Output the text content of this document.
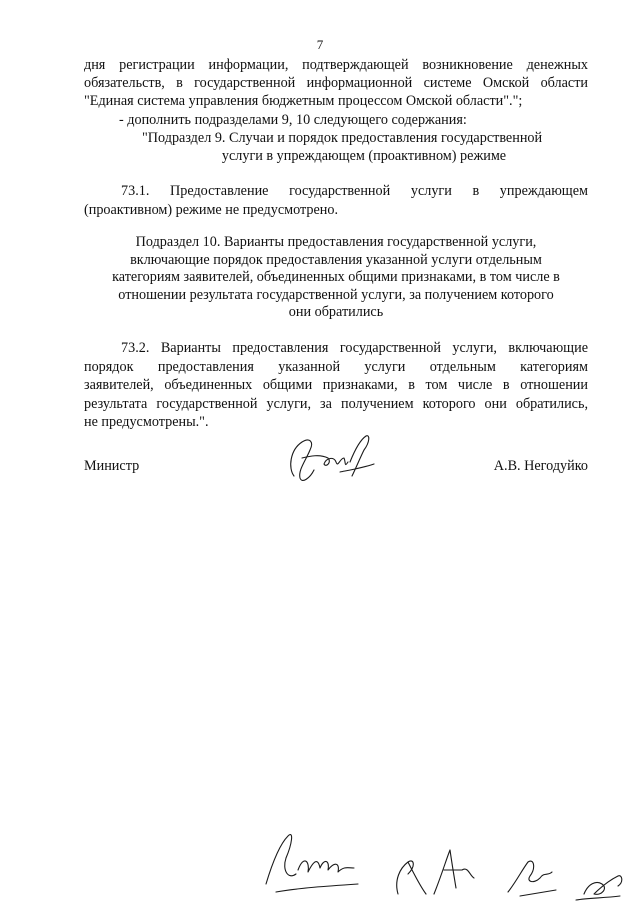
7
дня регистрации информации, подтверждающей возникновение денежных
обязательств, в государственной информационной системе Омской области
"Единая система управления бюджетным процессом Омской области".";
- дополнить подразделами 9, 10 следующего содержания:
"Подраздел 9. Случаи и порядок предоставления государственной
услуги в упреждающем (проактивном) режиме
73.1. Предоставление государственной услуги в упреждающем
(проактивном) режиме не предусмотрено.
Подраздел 10. Варианты предоставления государственной услуги,
включающие порядок предоставления указанной услуги отдельным
категориям заявителей, объединенных общими признаками, в том числе в
отношении результата государственной услуги, за получением которого
они обратились
73.2. Варианты предоставления государственной услуги, включающие
порядок предоставления указанной услуги отдельным категориям
заявителей, объединенных общими признаками, в том числе в отношении
результата государственной услуги, за получением которого они обратились,
не предусмотрены.".
Министр	А.В. Негодуйко
